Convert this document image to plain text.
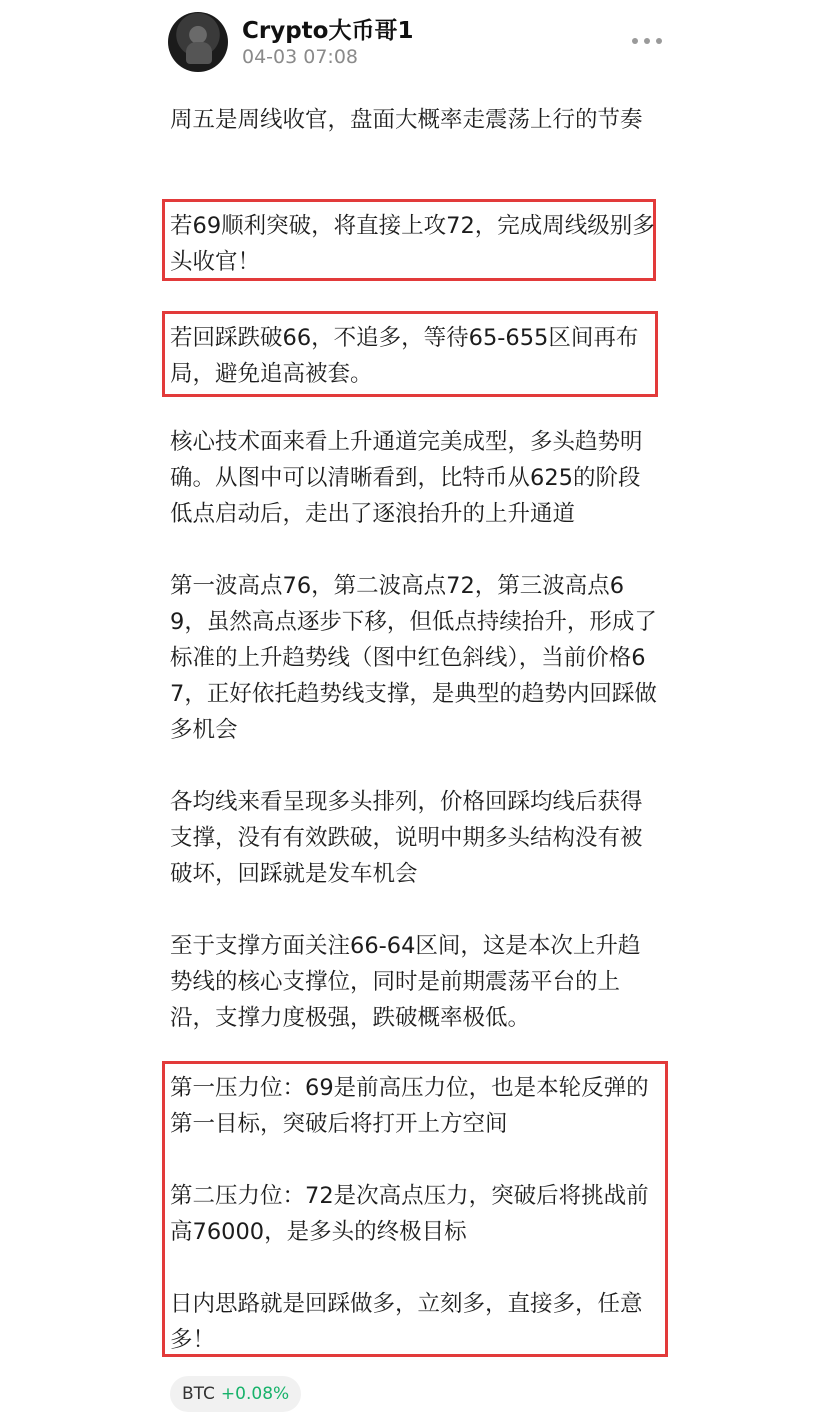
Crypto大币哥1
04-03 07:08
周五是周线收官，盘面大概率走震荡上行的节奏
若69顺利突破，将直接上攻72，完成周线级别多头收官！
若回踩跌破66，不追多，等待65-655区间再布局，避免追高被套。
核心技术面来看上升通道完美成型，多头趋势明确。从图中可以清晰看到，比特币从625的阶段低点启动后，走出了逐浪抬升的上升通道
第一波高点76，第二波高点72，第三波高点69，虽然高点逐步下移，但低点持续抬升，形成了标准的上升趋势线（图中红色斜线），当前价格67，正好依托趋势线支撑，是典型的趋势内回踩做多机会
各均线来看呈现多头排列，价格回踩均线后获得支撑，没有有效跌破，说明中期多头结构没有被破坏，回踩就是发车机会
至于支撑方面关注66-64区间，这是本次上升趋势线的核心支撑位，同时是前期震荡平台的上沿，支撑力度极强，跌破概率极低。
第一压力位：69是前高压力位，也是本轮反弹的第一目标，突破后将打开上方空间
第二压力位：72是次高点压力，突破后将挑战前高76000，是多头的终极目标
日内思路就是回踩做多，立刻多，直接多，任意多！
BTC +0.08%
